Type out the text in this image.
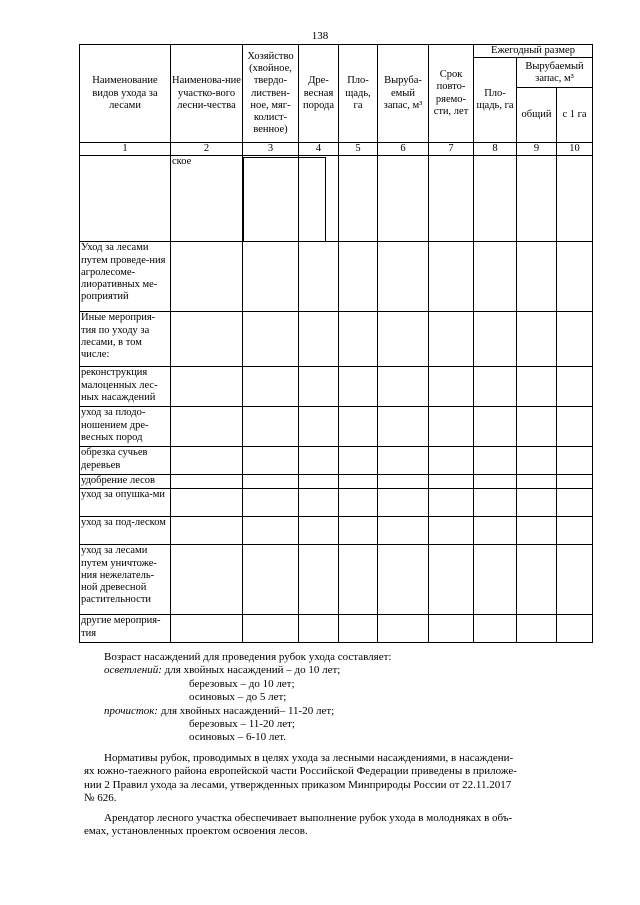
138
Наименование видов ухода за лесами	Наименова-ние участко-вого лесни-чества	Хозяйство (хвойное, твердо-листвен-ное, мяг-колист-венное)	Дре-весная порода	Пло-щадь, га	Выруба-емый запас, м³	Срок повто-ряемо-сти, лет	Ежегодный размер		
							Пло-щадь, га	Вырубаемый запас, м³	
								общий	с 1 га
1	2	3	4	5	6	7	8	9	10
	ское								
Уход за лесами путем проведе-ния агролесоме-лиоративных ме-роприятий									
Иные мероприя-тия по уходу за лесами, в том числе:									
реконструкция малоценных лес-ных насаждений									
уход за плодо-ношением дре-весных пород									
обрезка сучьев деревьев									
удобрение лесов									
уход за опушка-ми									
уход за под-леском									
уход за лесами путем уничтоже-ния нежелатель-ной древесной растительности									
другие мероприя-тия									
Возраст насаждений для проведения рубок ухода составляет:
осветлений: для хвойных насаждений – до 10 лет;
березовых – до 10 лет;
осиновых – до 5 лет;
прочисток: для хвойных насаждений– 11-20 лет;
березовых – 11-20 лет;
осиновых – 6-10 лет.
Нормативы рубок, проводимых в целях ухода за лесными насаждениями, в насаждени-
ях южно-таежного района европейской части Российской Федерации приведены в приложе-
нии 2 Правил ухода за лесами, утвержденных приказом Минприроды России от 22.11.2017
№ 626.
Арендатор лесного участка обеспечивает выполнение рубок ухода в молодняках в объ-
емах, установленных проектом освоения лесов.
